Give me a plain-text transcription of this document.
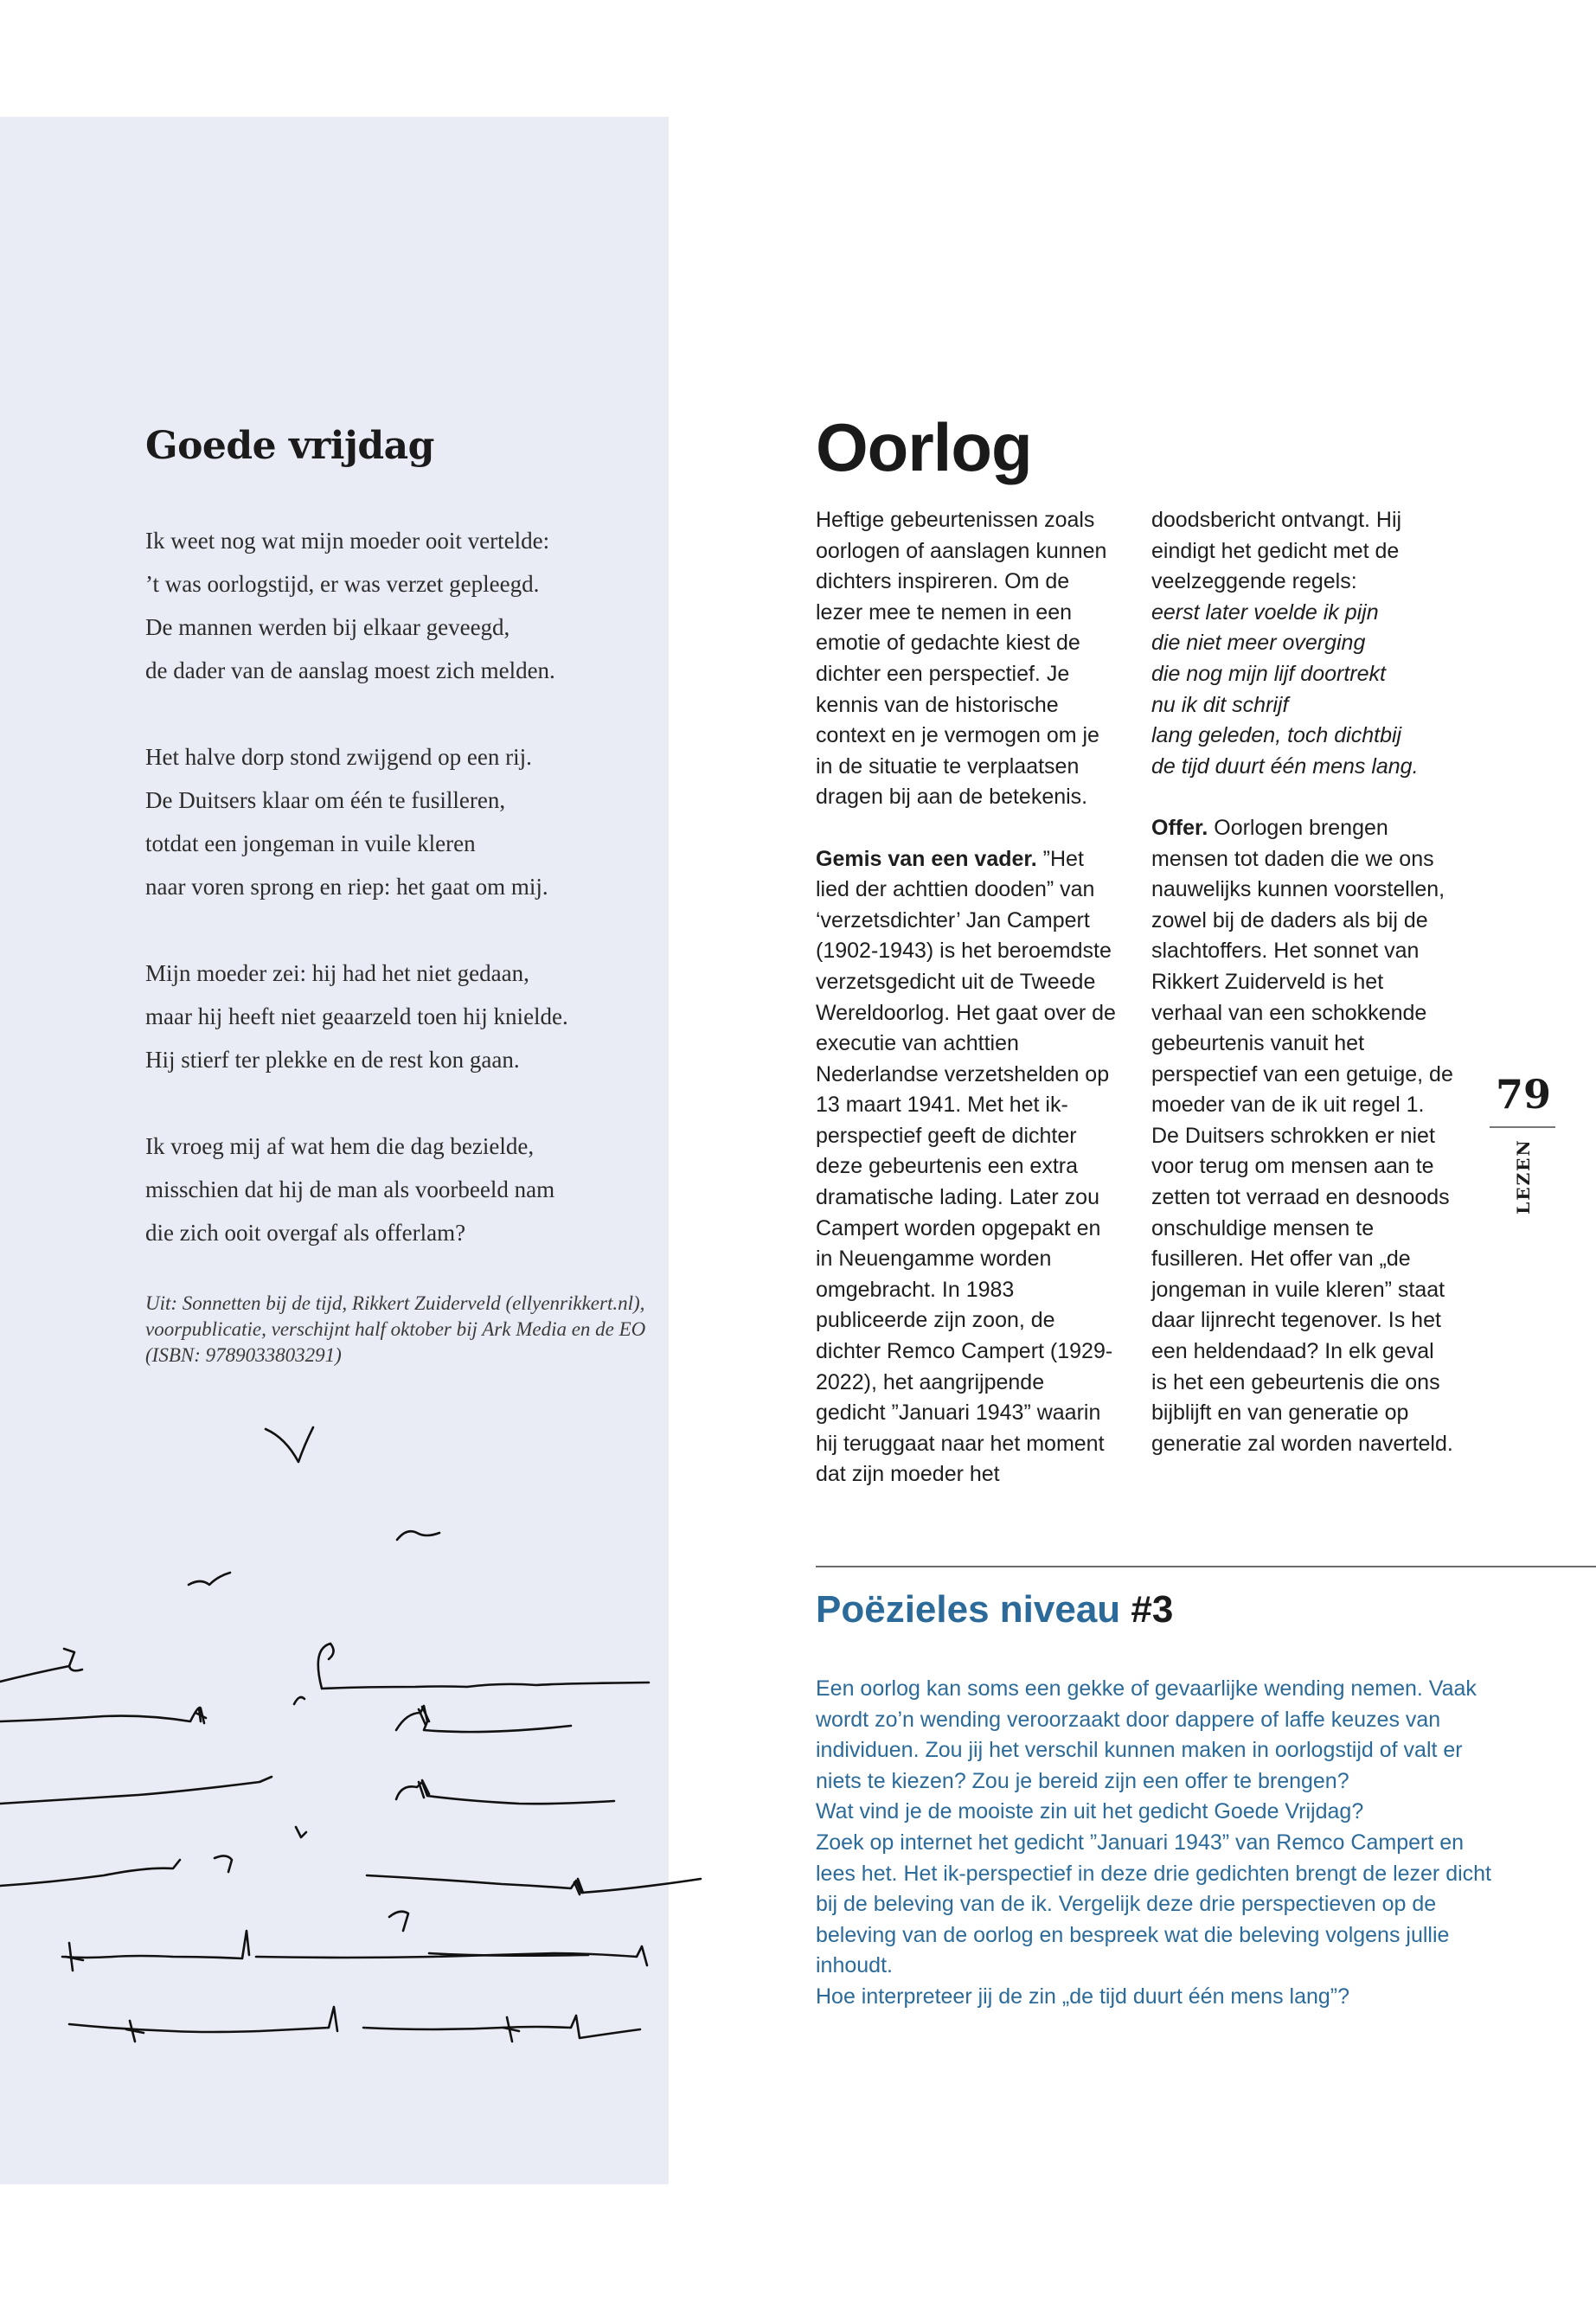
Goede vrijdag
Ik weet nog wat mijn moeder ooit vertelde:
’t was oorlogstijd, er was verzet gepleegd.
De mannen werden bij elkaar geveegd,
de dader van de aanslag moest zich melden.
Het halve dorp stond zwijgend op een rij.
De Duitsers klaar om één te fusilleren,
totdat een jongeman in vuile kleren
naar voren sprong en riep: het gaat om mij.
Mijn moeder zei: hij had het niet gedaan,
maar hij heeft niet geaarzeld toen hij knielde.
Hij stierf ter plekke en de rest kon gaan.
Ik vroeg mij af wat hem die dag bezielde,
misschien dat hij de man als voorbeeld nam
die zich ooit overgaf als offerlam?
Uit: Sonnetten bij de tijd, Rikkert Zuiderveld (ellyenrikkert.nl), voorpublicatie, verschijnt half oktober bij Ark Media en de EO (ISBN: 9789033803291)
Oorlog
Poëzieles niveau #3

Een oorlog kan soms een gekke of gevaarlijke wending nemen. Vaak wordt zo’n wending veroorzaakt door dappere of laffe keuzes van individuen. Zou jij het verschil kunnen maken in oorlogstijd of valt er niets te kiezen? Zou je bereid zijn een offer te brengen?

Wat vind je de mooiste zin uit het gedicht Goede Vrijdag?

Zoek op internet het gedicht ”Januari 1943” van Remco Campert en lees het. Het ik-perspectief in deze drie gedichten brengt de lezer dicht bij de beleving van de ik. Vergelijk deze drie perspectieven op de beleving van de oorlog en bespreek wat die beleving volgens jullie inhoudt.

Hoe interpreteer jij de zin „de tijd duurt één mens lang”?

79
LEZEN

Heftige gebeurtenissen zoals oorlogen of aanslagen kunnen dichters inspireren. Om de lezer mee te nemen in een emotie of gedachte kiest de dichter een perspectief. Je kennis van de historische context en je vermogen om je in de situatie te verplaatsen dragen bij aan de betekenis.

Gemis van een vader. ”Het lied der achttien dooden” van ‘verzetsdichter’ Jan Campert (1902-1943) is het beroemdste verzetsgedicht uit de Tweede Wereldoorlog. Het gaat over de executie van achttien Nederlandse verzetshelden op 13 maart 1941. Met het ik-perspectief geeft de dichter deze gebeurtenis een extra dramatische lading. Later zou Campert worden opgepakt en in Neuengamme worden omgebracht. In 1983 publiceerde zijn zoon, de dichter Remco Campert (1929-2022), het aangrijpende gedicht ”Januari 1943” waarin hij teruggaat naar het moment dat zijn moeder het doodsbericht ontvangt. Hij eindigt het gedicht met de veelzeggende regels:

eerst later voelde ik pijn
die niet meer overging
die nog mijn lijf doortrekt
nu ik dit schrijf
lang geleden, toch dichtbij
de tijd duurt één mens lang.

Offer. Oorlogen brengen mensen tot daden die we ons nauwelijks kunnen voorstellen, zowel bij de daders als bij de slachtoffers. Het sonnet van Rikkert Zuiderveld is het verhaal van een schokkende gebeurtenis vanuit het perspectief van een getuige, de moeder van de ik uit regel 1. De Duitsers schrokken er niet voor terug om mensen aan te zetten tot verraad en desnoods onschuldige mensen te fusilleren. Het offer van „de jongeman in vuile kleren” staat daar lijnrecht tegenover. Is het een heldendaad? In elk geval is het een gebeurtenis die ons bijblijft en van generatie op generatie zal worden naverteld.
